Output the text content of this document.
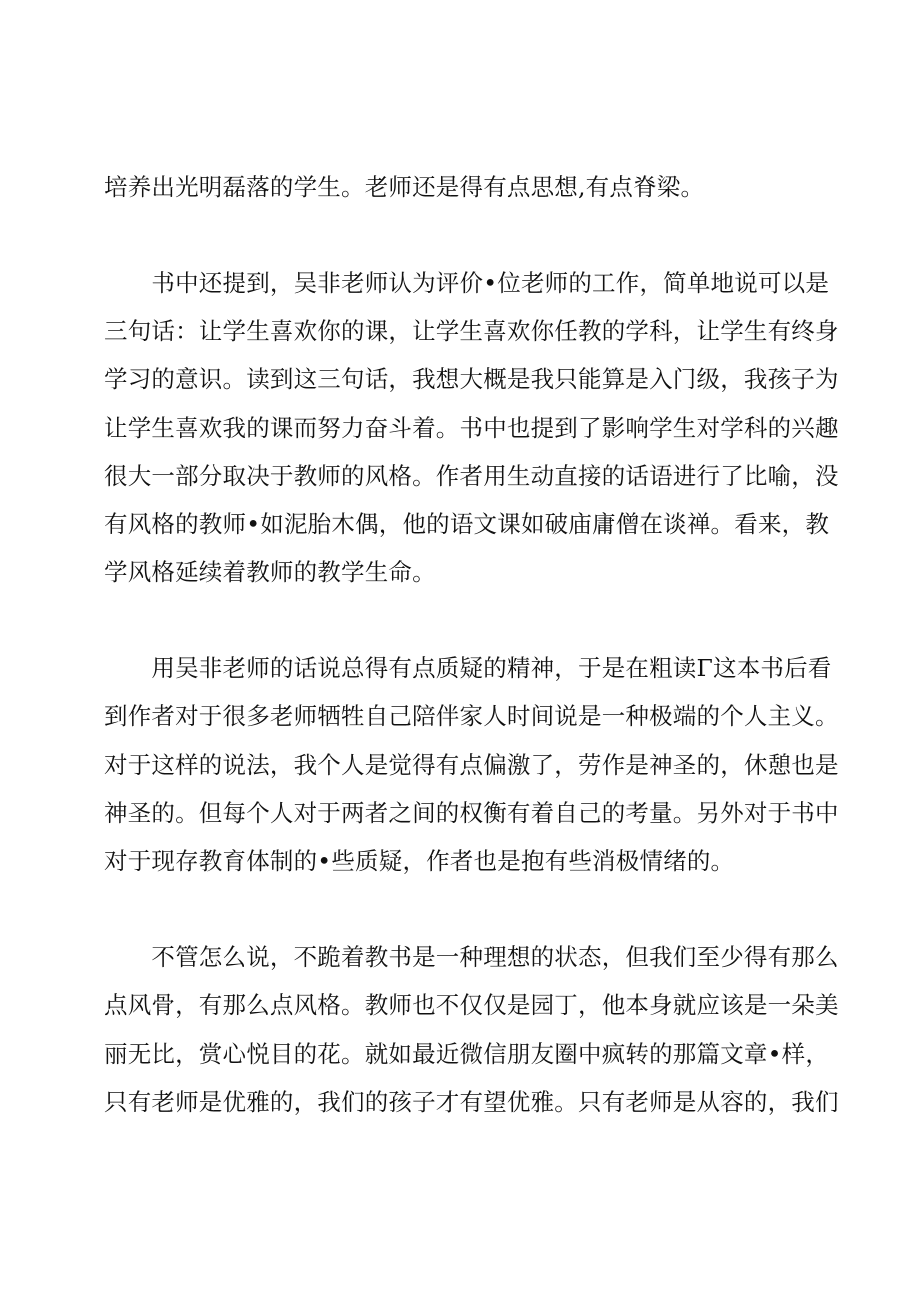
培养出光明磊落的学生。老师还是得有点思想,有点脊梁。
　　书中还提到，吴非老师认为评价•位老师的工作，简单地说可以是
三句话：让学生喜欢你的课，让学生喜欢你任教的学科，让学生有终身
学习的意识。读到这三句话，我想大概是我只能算是入门级，我孩子为
让学生喜欢我的课而努力奋斗着。书中也提到了影响学生对学科的兴趣
很大一部分取决于教师的风格。作者用生动直接的话语进行了比喻，没
有风格的教师•如泥胎木偶，他的语文课如破庙庸僧在谈禅。看来，教
学风格延续着教师的教学生命。
　　用吴非老师的话说总得有点质疑的精神，于是在粗读Γ这本书后看
到作者对于很多老师牺牲自己陪伴家人时间说是一种极端的个人主义。
对于这样的说法，我个人是觉得有点偏激了，劳作是神圣的，休憩也是
神圣的。但每个人对于两者之间的权衡有着自己的考量。另外对于书中
对于现存教育体制的•些质疑，作者也是抱有些消极情绪的。
　　不管怎么说，不跪着教书是一种理想的状态，但我们至少得有那么
点风骨，有那么点风格。教师也不仅仅是园丁，他本身就应该是一朵美
丽无比，赏心悦目的花。就如最近微信朋友圈中疯转的那篇文章•样，
只有老师是优雅的，我们的孩子才有望优雅。只有老师是从容的，我们
